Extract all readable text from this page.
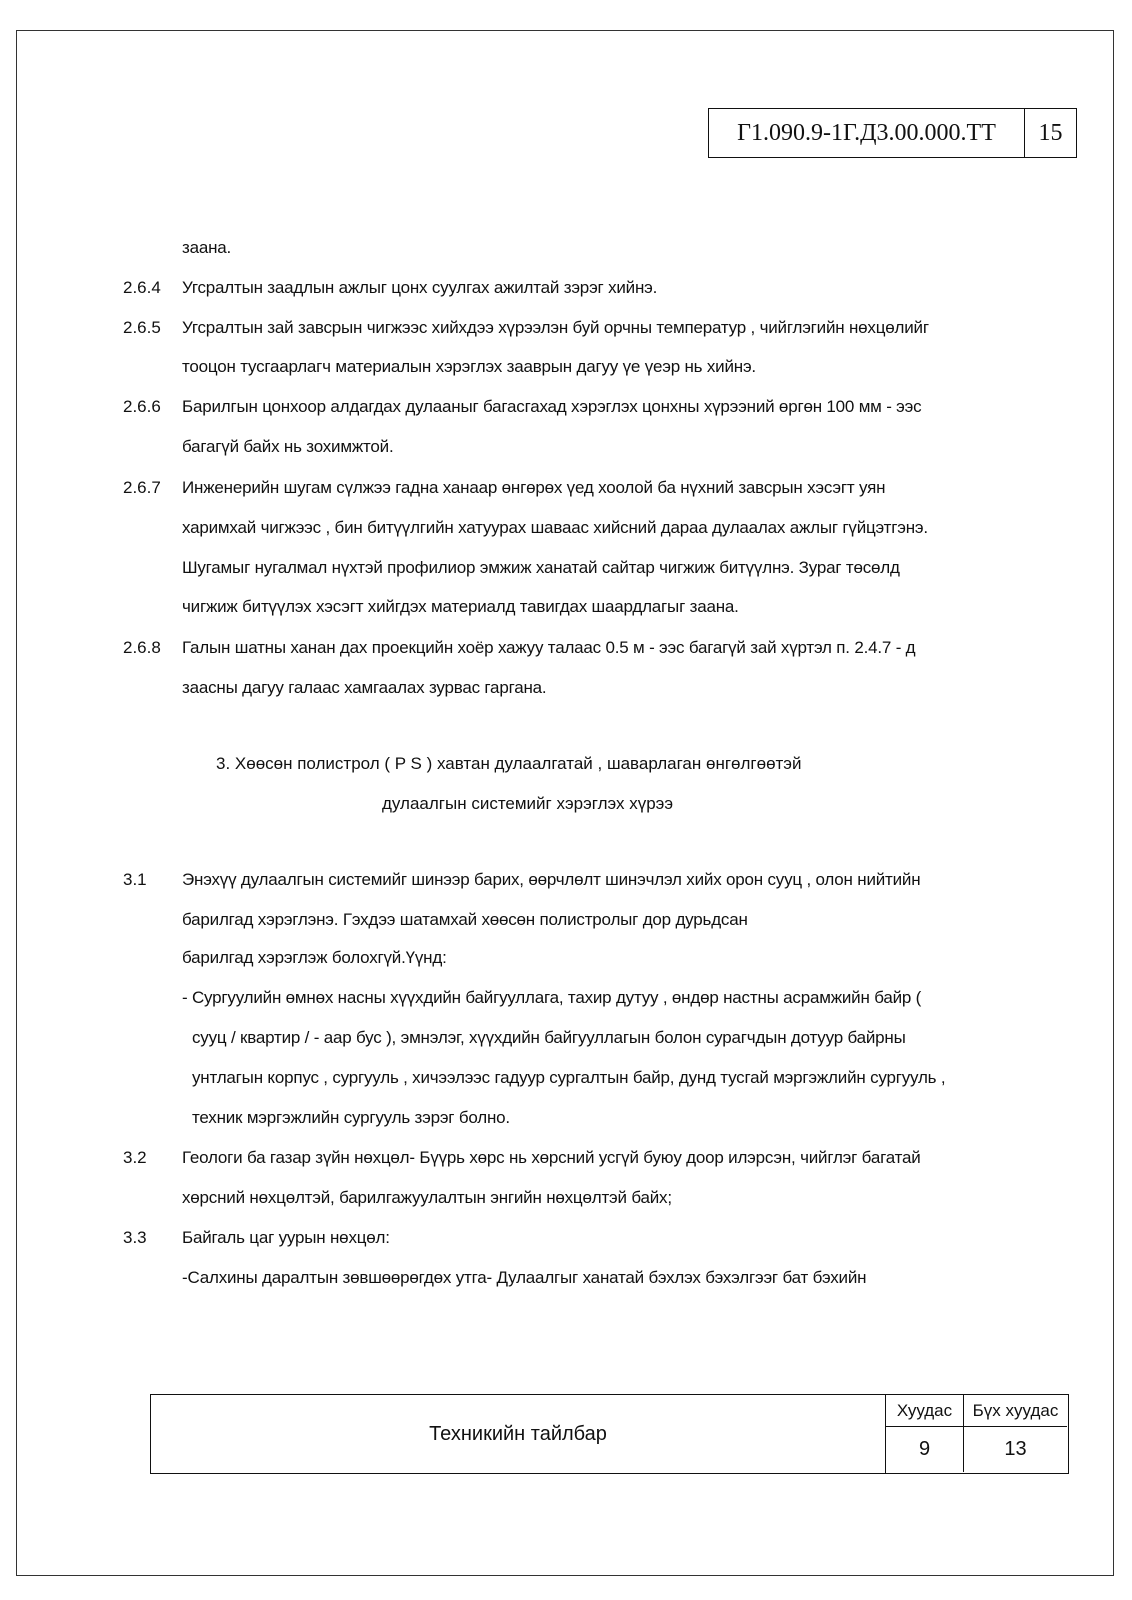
Г1.090.9-1Г.Д3.00.000.ТТ	15
заана.
2.6.4 Угсралтын заадлын ажлыг цонх суулгах ажилтай зэрэг хийнэ.
2.6.5 Угсралтын зай завсрын чигжээс хийхдээ хүрээлэн буй орчны температур , чийглэгийн нөхцөлийг
тооцон тусгаарлагч материалын хэрэглэх зааврын дагуу үе үеэр нь хийнэ.
2.6.6 Барилгын цонхоор алдагдах дулааныг багасгахад хэрэглэх цонхны хүрээний өргөн 100 мм - ээс
багагүй байх нь зохимжтой.
2.6.7 Инженерийн шугам сүлжээ гадна ханаар өнгөрөх үед хоолой ба нүхний завсрын хэсэгт уян
харимхай чигжээс , бин битүүлгийн хатуурах шаваас хийсний дараа дулаалах ажлыг гүйцэтгэнэ.
Шугамыг нугалмал нүхтэй профилиор эмжиж ханатай сайтар чигжиж битүүлнэ. Зураг төсөлд
чигжиж битүүлэх хэсэгт хийгдэх материалд тавигдах шаардлагыг заана.
2.6.8 Галын шатны ханан дах проекцийн хоёр хажуу талаас 0.5 м - ээс багагүй зай хүртэл п. 2.4.7 - д
заасны дагуу галаас хамгаалах зурвас гаргана.
3. Хөөсөн полистрол ( P S ) хавтан дулаалгатай , шаварлаган өнгөлгөөтэй
дулаалгын системийг хэрэглэх хүрээ
3.1 Энэхүү дулаалгын системийг шинээр барих, өөрчлөлт шинэчлэл хийх орон сууц , олон нийтийн
барилгад хэрэглэнэ. Гэхдээ шатамхай хөөсөн полистролыг дор дурьдсан
барилгад хэрэглэж болохгүй.Үүнд:
- Сургуулийн өмнөх насны хүүхдийн байгууллага, тахир дутуу , өндөр настны асрамжийн байр (
сууц / квартир / - аар бус ), эмнэлэг, хүүхдийн байгууллагын болон сурагчдын дотуур байрны
унтлагын корпус , сургууль , хичээлээс гадуур сургалтын байр, дунд тусгай мэргэжлийн сургууль ,
техник мэргэжлийн сургууль зэрэг болно.
3.2 Геологи ба газар зүйн нөхцөл- Бүүрь хөрс нь хөрсний усгүй буюу доор илэрсэн, чийглэг багатай
хөрсний нөхцөлтэй, барилгажуулалтын энгийн нөхцөлтэй байх;
3.3 Байгаль цаг уурын нөхцөл:
-Салхины даралтын зөвшөөрөгдөх утга- Дулаалгыг ханатай бэхлэх бэхэлгээг бат бэхийн
Техникийн тайлбар
Хуудас	Бүх хуудас
9	13
